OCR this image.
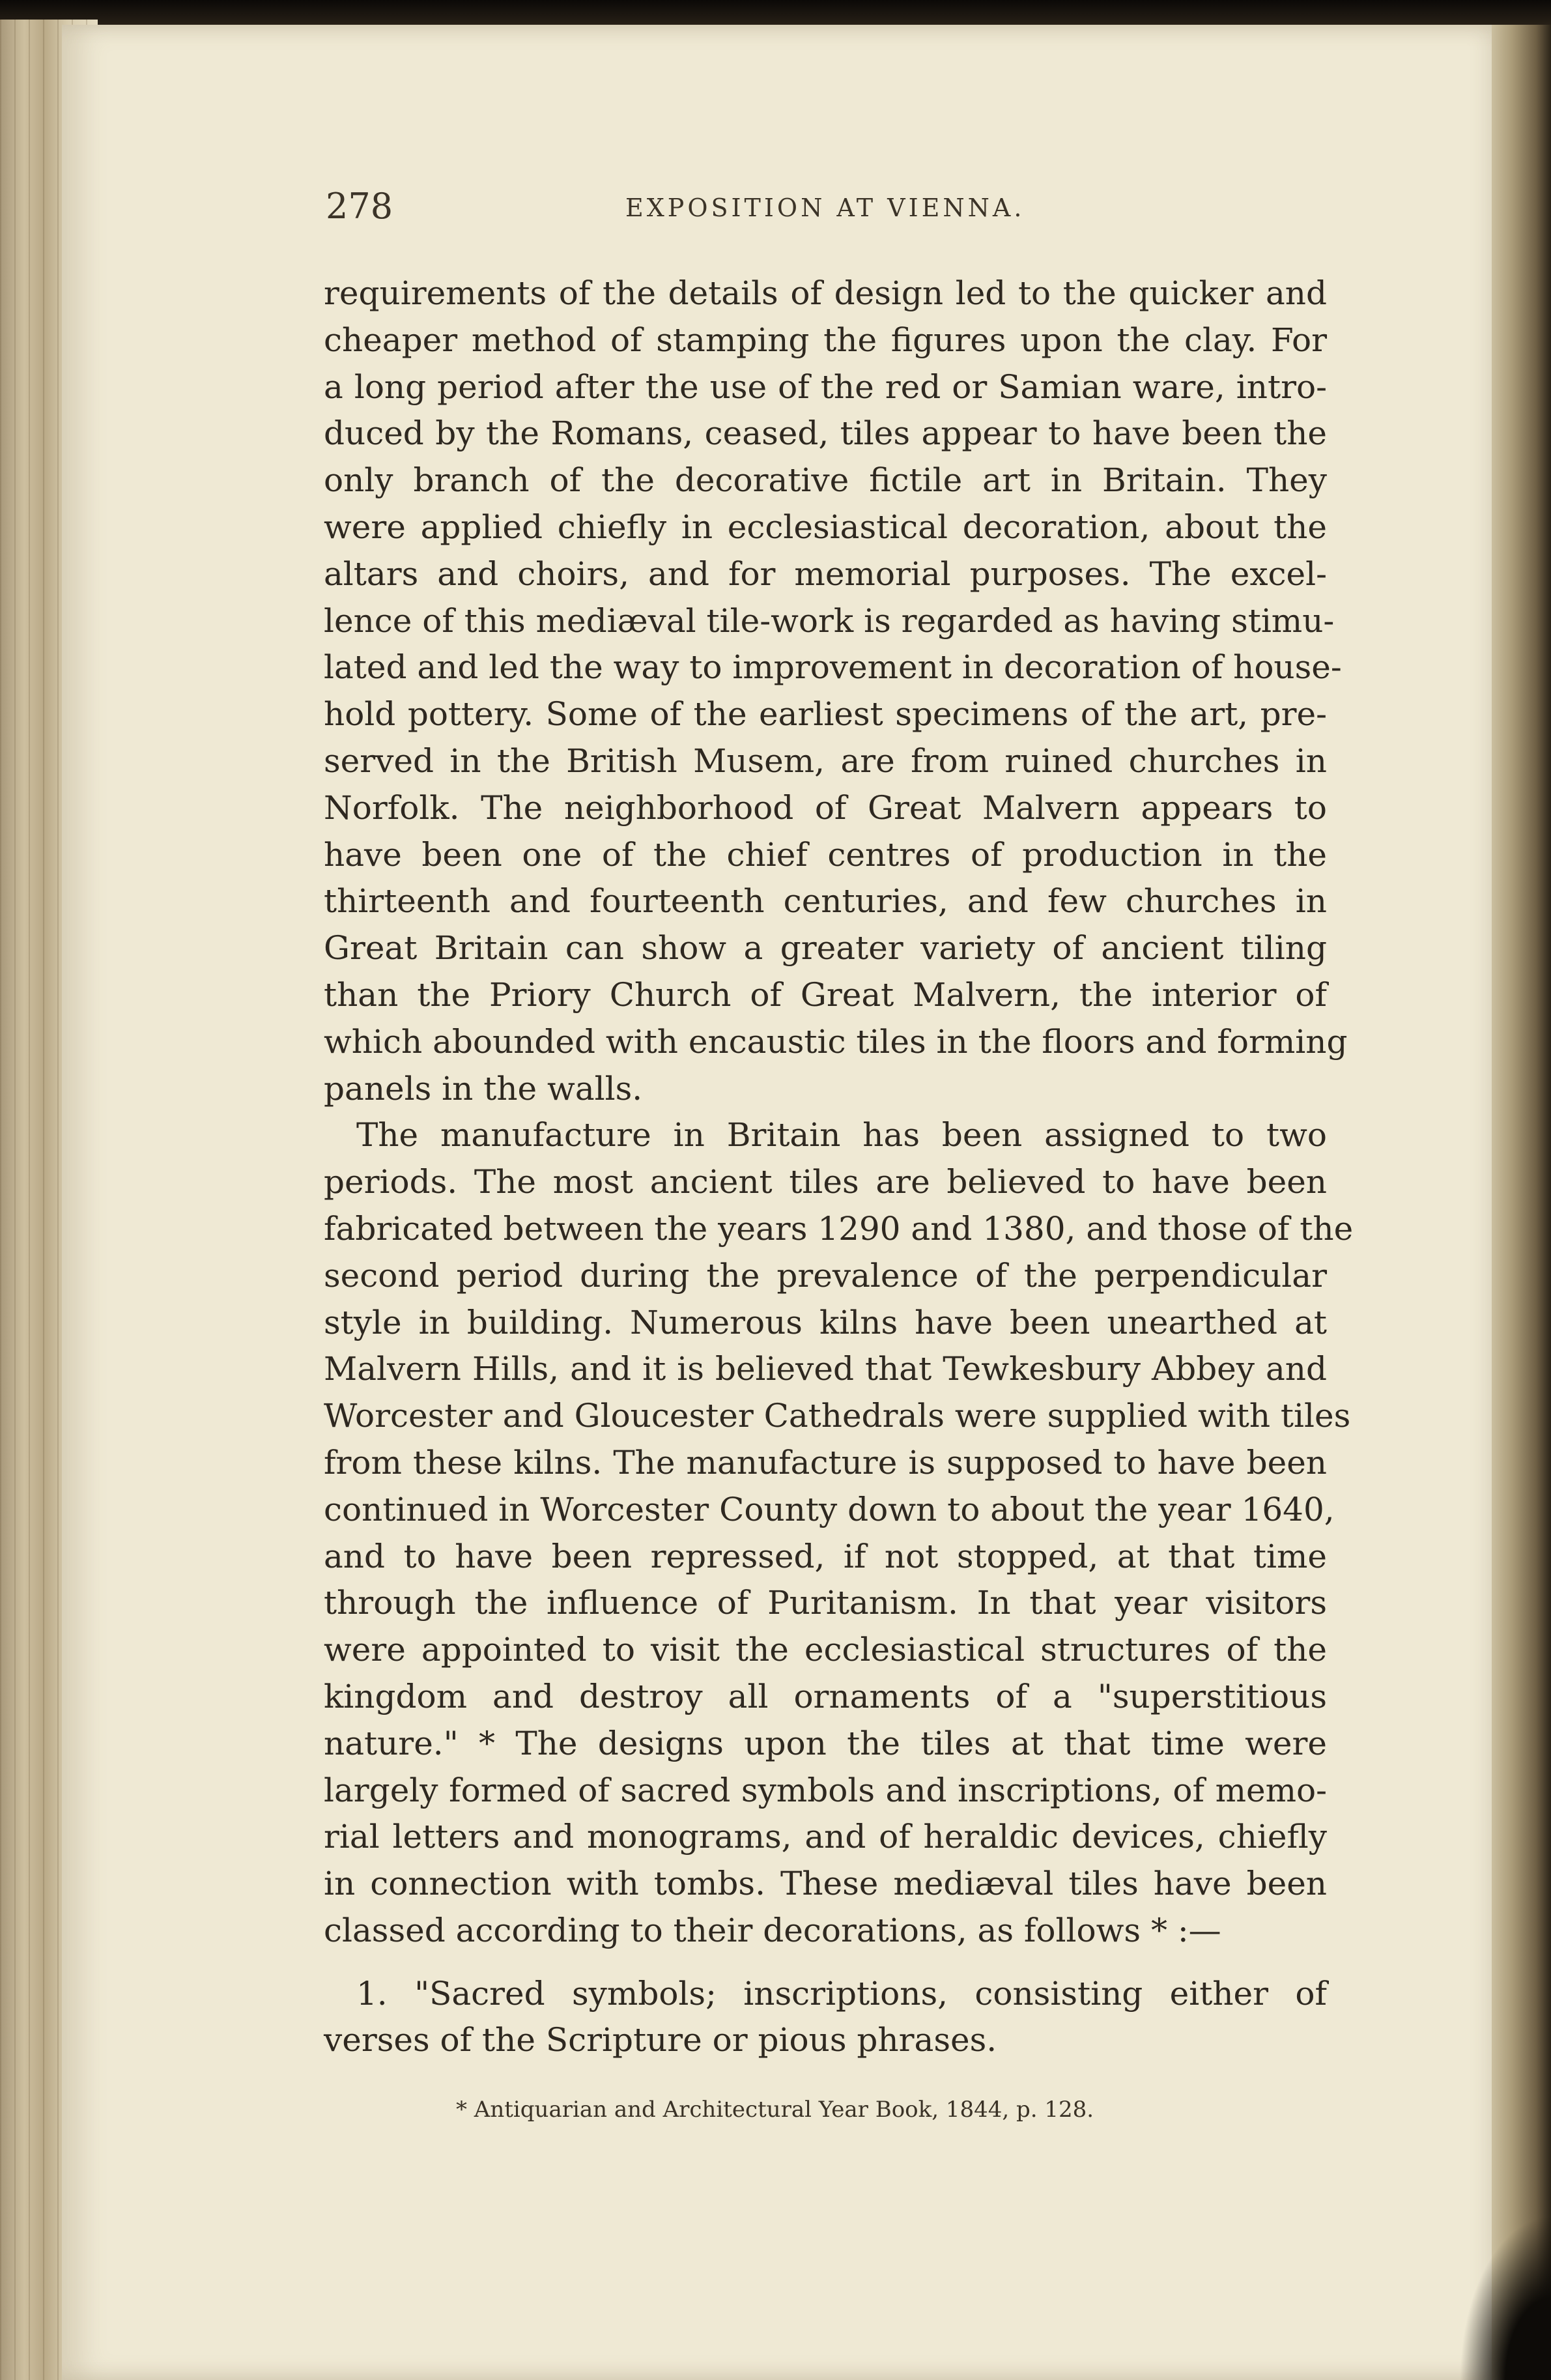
278	EXPOSITION AT VIENNA.
requirements of the details of design led to the quicker and
cheaper method of stamping the figures upon the clay. For
a long period after the use of the red or Samian ware, intro-
duced by the Romans, ceased, tiles appear to have been the
only branch of the decorative fictile art in Britain. They
were applied chiefly in ecclesiastical decoration, about the
altars and choirs, and for memorial purposes. The excel-
lence of this mediæval tile-work is regarded as having stimu-
lated and led the way to improvement in decoration of house-
hold pottery. Some of the earliest specimens of the art, pre-
served in the British Musem, are from ruined churches in
Norfolk. The neighborhood of Great Malvern appears to
have been one of the chief centres of production in the
thirteenth and fourteenth centuries, and few churches in
Great Britain can show a greater variety of ancient tiling
than the Priory Church of Great Malvern, the interior of
which abounded with encaustic tiles in the floors and forming
panels in the walls.
The manufacture in Britain has been assigned to two
periods. The most ancient tiles are believed to have been
fabricated between the years 1290 and 1380, and those of the
second period during the prevalence of the perpendicular
style in building. Numerous kilns have been unearthed at
Malvern Hills, and it is believed that Tewkesbury Abbey and
Worcester and Gloucester Cathedrals were supplied with tiles
from these kilns. The manufacture is supposed to have been
continued in Worcester County down to about the year 1640,
and to have been repressed, if not stopped, at that time
through the influence of Puritanism. In that year visitors
were appointed to visit the ecclesiastical structures of the
kingdom and destroy all ornaments of a "superstitious
nature." * The designs upon the tiles at that time were
largely formed of sacred symbols and inscriptions, of memo-
rial letters and monograms, and of heraldic devices, chiefly
in connection with tombs. These mediæval tiles have been
classed according to their decorations, as follows * :—
1. "Sacred symbols; inscriptions, consisting either of
verses of the Scripture or pious phrases.
* Antiquarian and Architectural Year Book, 1844, p. 128.
